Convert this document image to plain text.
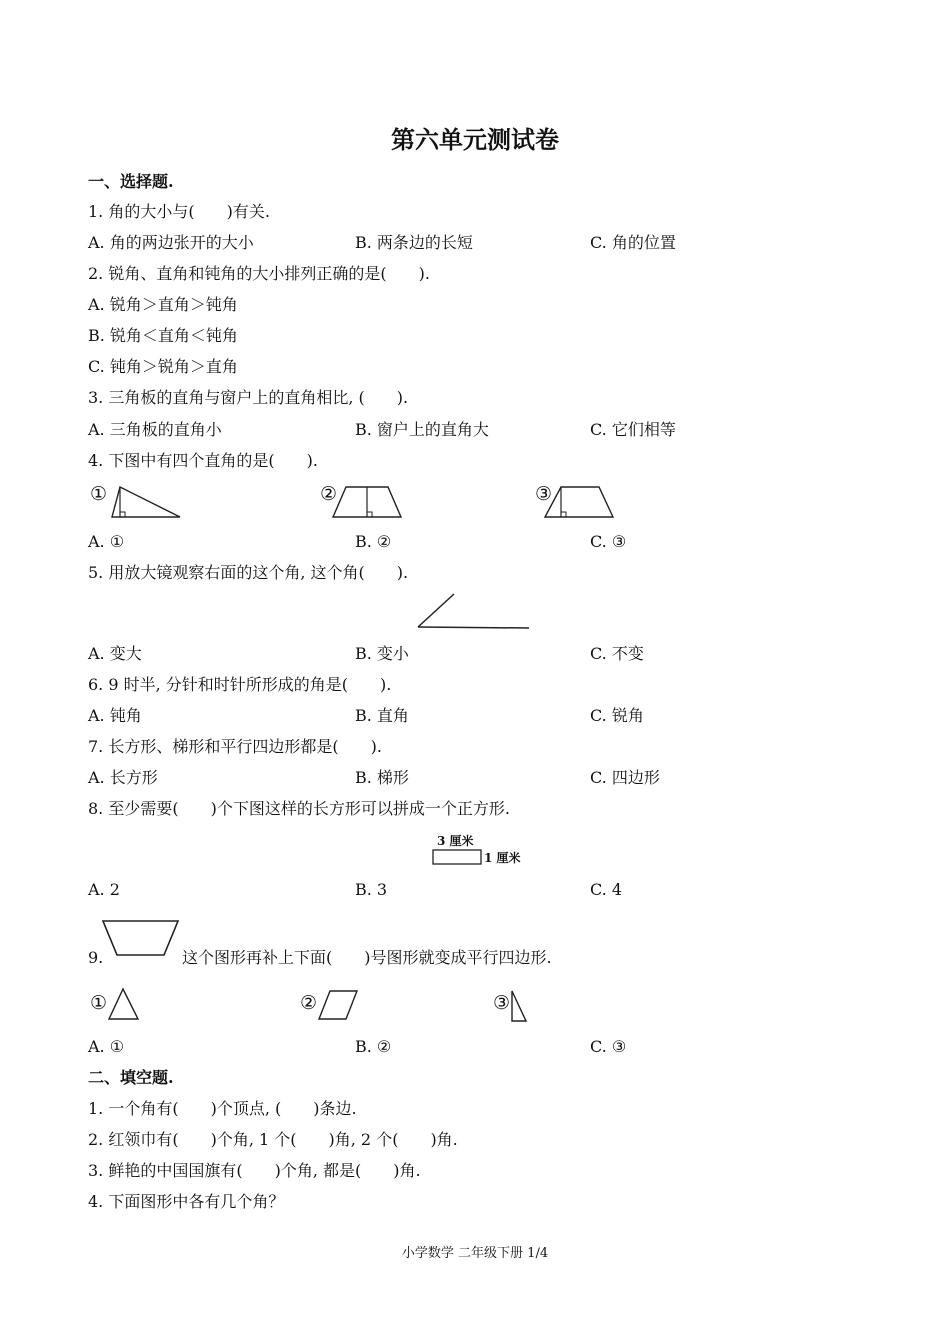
第六单元测试卷
一、选择题.
1. 角的大小与(　　)有关.
A. 角的两边张开的大小	B. 两条边的长短	C. 角的位置
2. 锐角、直角和钝角的大小排列正确的是(　　).
A. 锐角＞直角＞钝角
B. 锐角＜直角＜钝角
C. 钝角＞锐角＞直角
3. 三角板的直角与窗户上的直角相比, (　　).
A. 三角板的直角小	B. 窗户上的直角大	C. 它们相等
4. 下图中有四个直角的是(　　).
①	②	③
A. ①	B. ②	C. ③
5. 用放大镜观察右面的这个角, 这个角(　　).
A. 变大	B. 变小	C. 不变
6. 9 时半, 分针和时针所形成的角是(　　).
A. 钝角	B. 直角	C. 锐角
7. 长方形、梯形和平行四边形都是(　　).
A. 长方形	B. 梯形	C. 四边形
8. 至少需要(　　)个下图这样的长方形可以拼成一个正方形.
3 厘米
1 厘米
A. 2	B. 3	C. 4
9.	这个图形再补上下面(　　)号图形就变成平行四边形.
①	②	③
A. ①	B. ②	C. ③
二、填空题.
1. 一个角有(　　)个顶点, (　　)条边.
2. 红领巾有(　　)个角, 1 个(　　)角, 2 个(　　)角.
3. 鲜艳的中国国旗有(　　)个角, 都是(　　)角.
4. 下面图形中各有几个角？
小学数学 二年级下册 1/4
